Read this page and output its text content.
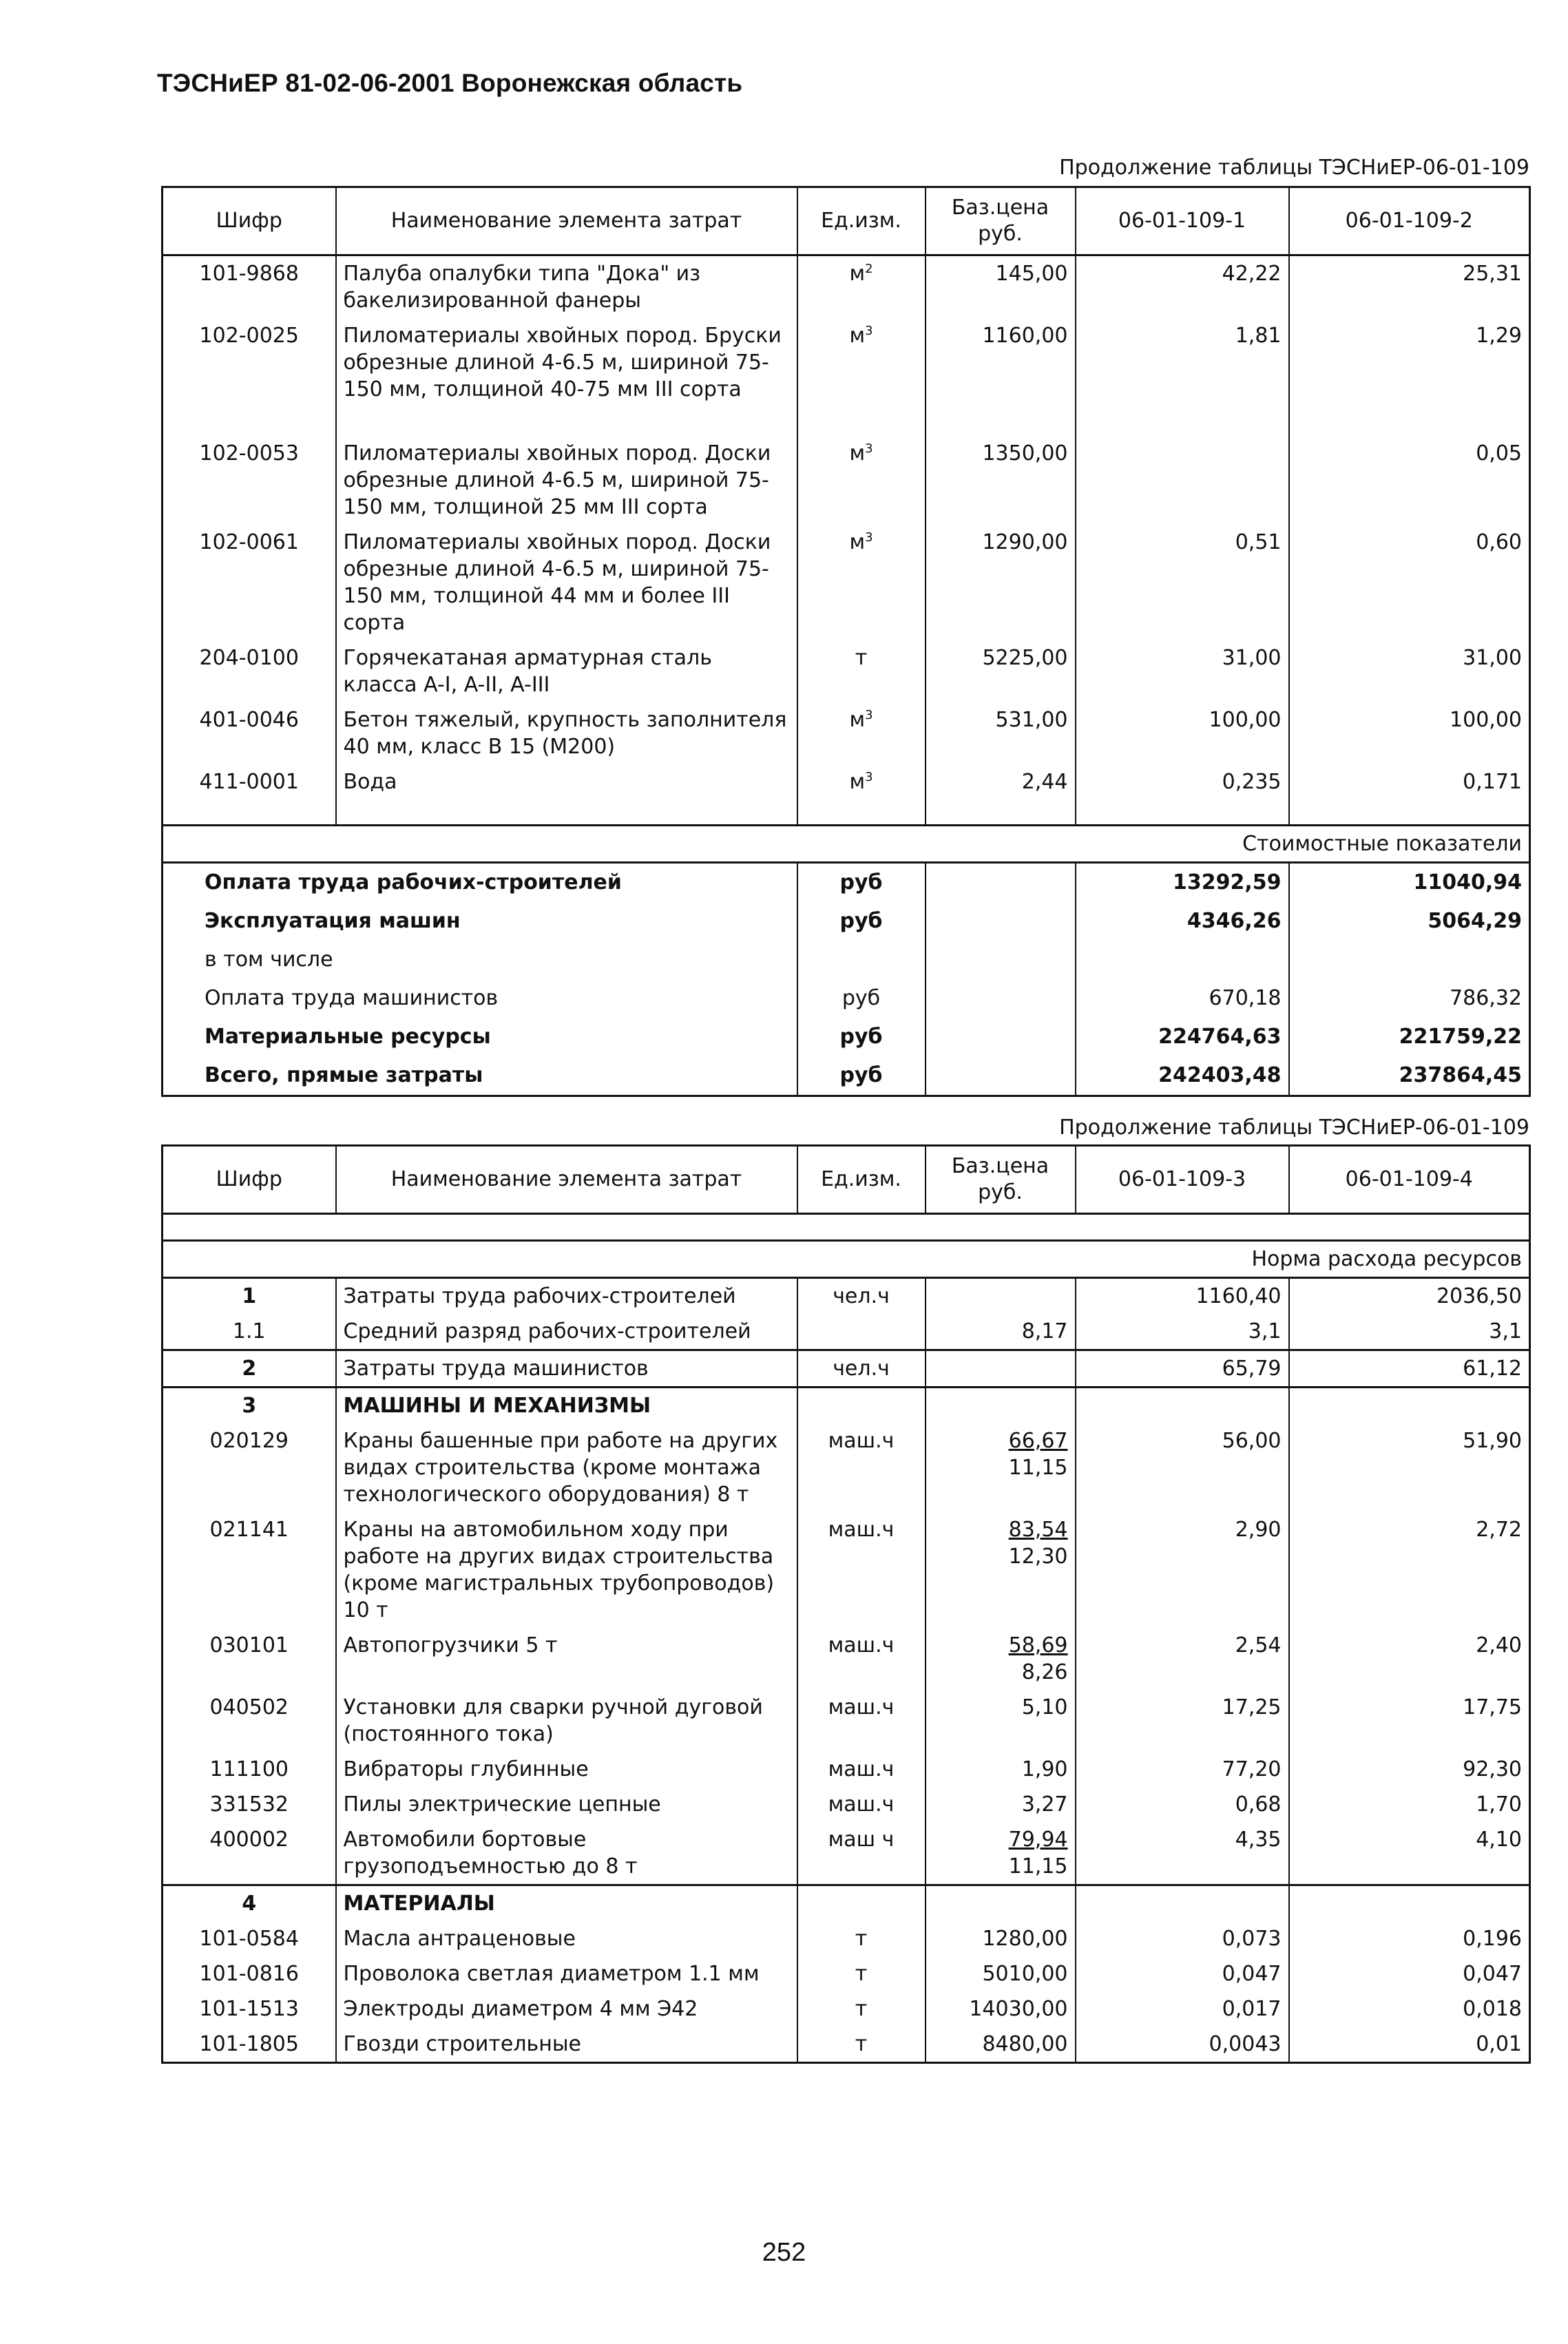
ТЭСНиЕР 81-02-06-2001 Воронежская область
Продолжение таблицы ТЭСНиЕР-06-01-109
Шифр	Наименование элемента затрат	Ед.изм.	Баз.цена руб.	06-01-109-1	06-01-109-2
101-9868	Палуба опалубки типа "Дока" из бакелизированной фанеры	$м^2$	145,00	42,22	25,31
102-0025	Пиломатериалы хвойных пород. Бруски обрезные длиной 4-6.5 м, шириной 75-150 мм, толщиной 40-75 мм III сорта	$м^3$	1160,00	1,81	1,29
102-0053	Пиломатериалы хвойных пород. Доски обрезные длиной 4-6.5 м, шириной 75-150 мм, толщиной 25 мм III сорта	$м^3$	1350,00		0,05
102-0061	Пиломатериалы хвойных пород. Доски обрезные длиной 4-6.5 м, шириной 75-150 мм, толщиной 44 мм и более III сорта	$м^3$	1290,00	0,51	0,60
204-0100	Горячекатаная арматурная сталь класса A-I, A-II, A-III	т	5225,00	31,00	31,00
401-0046	Бетон тяжелый, крупность заполнителя 40 мм, класс В 15 (М200)	$м^3$	531,00	100,00	100,00
411-0001	Вода	$м^3$	2,44	0,235	0,171

Стоимостные показатели					
Оплата труда рабочих-строителей		руб		13292,59	11040,94
Эксплуатация машин		руб		4346,26	5064,29
в том числе					
Оплата труда машинистов		руб		670,18	786,32
Материальные ресурсы		руб		224764,63	221759,22
Всего, прямые затраты		руб		242403,48	237864,45
Продолжение таблицы ТЭСНиЕР-06-01-109
Шифр	Наименование элемента затрат	Ед.изм.	Баз.цена руб.	06-01-109-3	06-01-109-4

Норма расхода ресурсов					
1	Затраты труда рабочих-строителей	чел.ч		1160,40	2036,50
1.1	Средний разряд рабочих-строителей		8,17	3,1	3,1
2	Затраты труда машинистов	чел.ч		65,79	61,12
3	МАШИНЫ И МЕХАНИЗМЫ				
020129	Краны башенные при работе на других видах строительства (кроме монтажа технологического оборудования) 8 т	маш.ч	$\frac{66,67}{11,15}$	56,00	51,90
021141	Краны на автомобильном ходу при работе на других видах строительства (кроме магистральных трубопроводов) 10 т	маш.ч	$\frac{83,54}{12,30}$	2,90	2,72
030101	Автопогрузчики 5 т	маш.ч	$\frac{58,69}{8,26}$	2,54	2,40
040502	Установки для сварки ручной дуговой (постоянного тока)	маш.ч	5,10	17,25	17,75
111100	Вибраторы глубинные	маш.ч	1,90	77,20	92,30
331532	Пилы электрические цепные	маш.ч	3,27	0,68	1,70
400002	Автомобили бортовые грузоподъемностью до 8 т	маш ч	$\frac{79,94}{11,15}$	4,35	4,10
4	МАТЕРИАЛЫ				
101-0584	Масла антраценовые	т	1280,00	0,073	0,196
101-0816	Проволока светлая диаметром 1.1 мм	т	5010,00	0,047	0,047
101-1513	Электроды диаметром 4 мм Э42	т	14030,00	0,017	0,018
101-1805	Гвозди строительные	т	8480,00	0,0043	0,01
252
